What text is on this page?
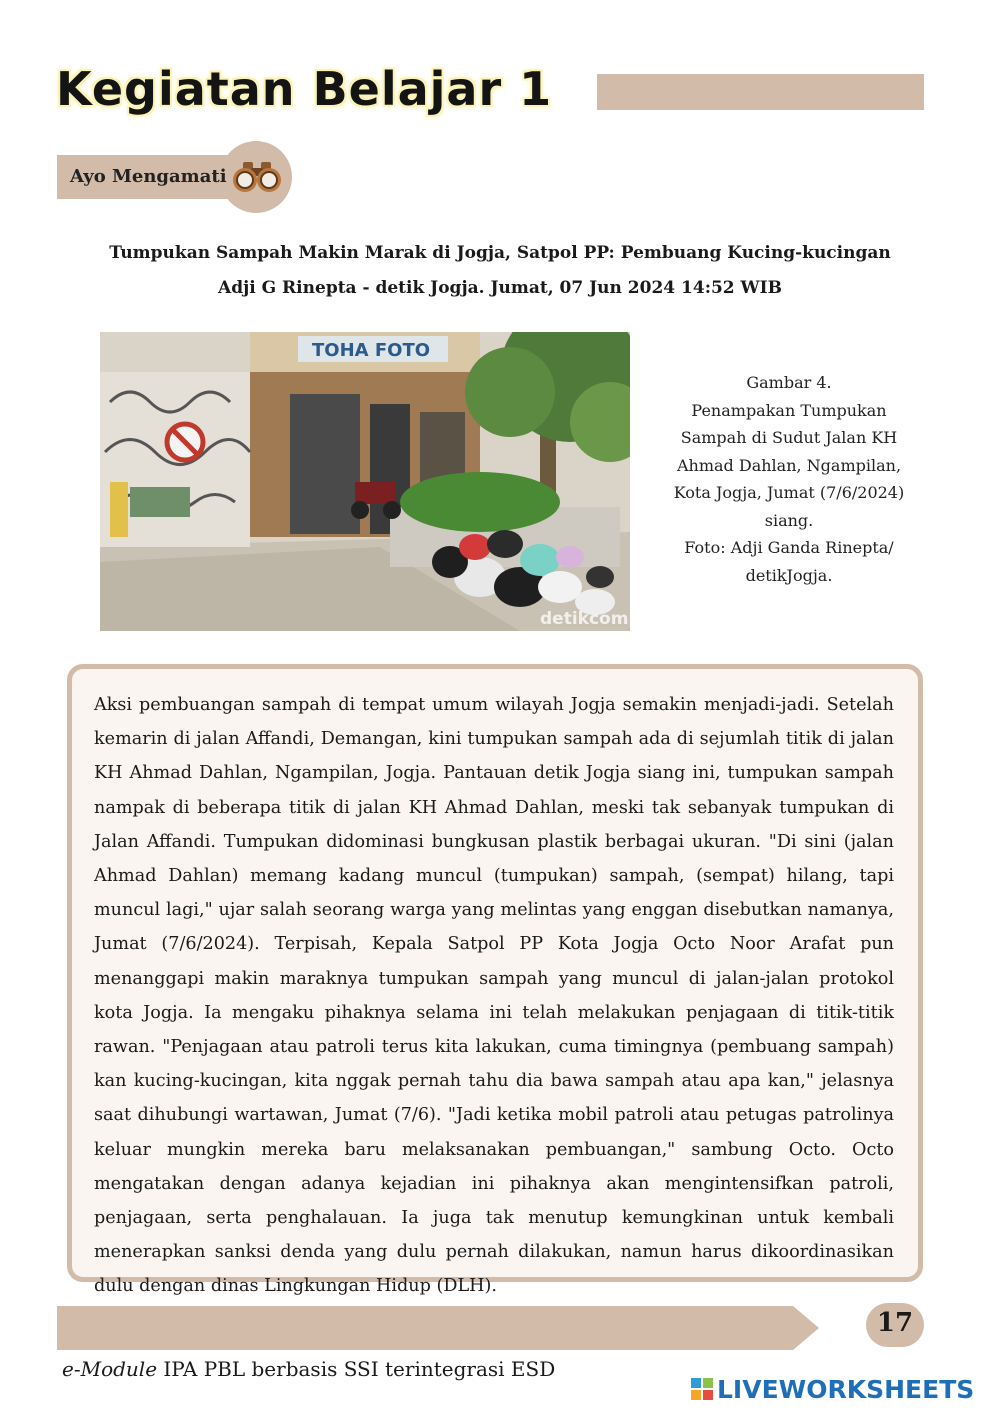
Kegiatan Belajar 1
Ayo Mengamati
Tumpukan Sampah Makin Marak di Jogja, Satpol PP: Pembuang Kucing-kucingan
Adji G Rinepta - detik Jogja. Jumat, 07 Jun 2024 14:52 WIB
TOHA FOTO
detikcom
Gambar 4.
Penampakan Tumpukan
Sampah di Sudut Jalan KH
Ahmad Dahlan, Ngampilan,
Kota Jogja, Jumat (7/6/2024)
siang.
Foto: Adji Ganda Rinepta/
detikJogja.
Aksi pembuangan sampah di tempat umum wilayah Jogja semakin menjadi-jadi. Setelah kemarin di jalan Affandi, Demangan, kini tumpukan sampah ada di sejumlah titik di jalan KH Ahmad Dahlan, Ngampilan, Jogja. Pantauan detik Jogja siang ini, tumpukan sampah nampak di beberapa titik di jalan KH Ahmad Dahlan, meski tak sebanyak tumpukan di Jalan Affandi. Tumpukan didominasi bungkusan plastik berbagai ukuran. "Di sini (jalan Ahmad Dahlan) memang kadang muncul (tumpukan) sampah, (sempat) hilang, tapi muncul lagi," ujar salah seorang warga yang melintas yang enggan disebutkan namanya, Jumat (7/6/2024). Terpisah, Kepala Satpol PP Kota Jogja Octo Noor Arafat pun menanggapi makin maraknya tumpukan sampah yang muncul di jalan-jalan protokol kota Jogja. Ia mengaku pihaknya selama ini telah melakukan penjagaan di titik-titik rawan. "Penjagaan atau patroli terus kita lakukan, cuma timingnya (pembuang sampah) kan kucing-kucingan, kita nggak pernah tahu dia bawa sampah atau apa kan," jelasnya saat dihubungi wartawan, Jumat (7/6). "Jadi ketika mobil patroli atau petugas patrolinya keluar mungkin mereka baru melaksanakan pembuangan," sambung Octo. Octo mengatakan dengan adanya kejadian ini pihaknya akan mengintensifkan patroli, penjagaan, serta penghalauan. Ia juga tak menutup kemungkinan untuk kembali menerapkan sanksi denda yang dulu pernah dilakukan, namun harus dikoordinasikan dulu dengan dinas Lingkungan Hidup (DLH).
17
e-Module IPA PBL berbasis SSI terintegrasi ESD
LIVEWORKSHEETS
